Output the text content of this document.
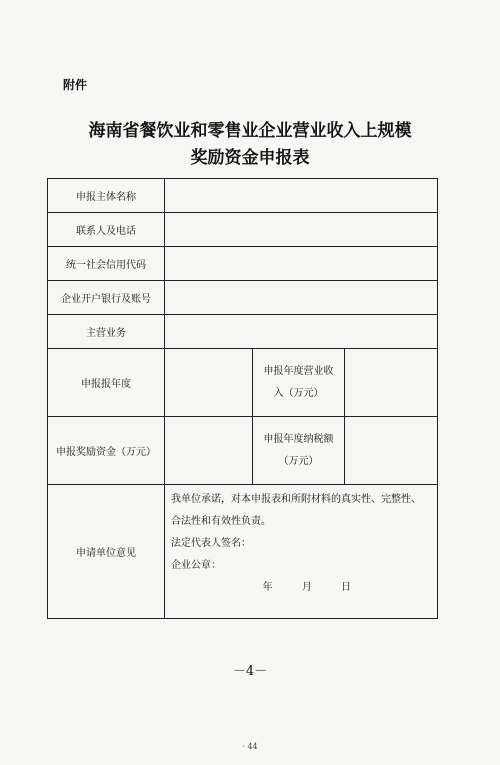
附件
海南省餐饮业和零售业企业营业收入上规模
奖励资金申报表
申报主体名称			
联系人及电话			
统一社会信用代码			
企业开户银行及账号			
主营业务			
申报报年度		申报年度营业收
入（万元）	

申报奖励资金（万元）		申报年度纳税额
（万元）	

申请单位意见	我单位承诺，对本申报表和所附材料的真实性、完整性、
合法性和有效性负责。
法定代表人签名：
企业公章：
年 月 日		
－4－
· 44
